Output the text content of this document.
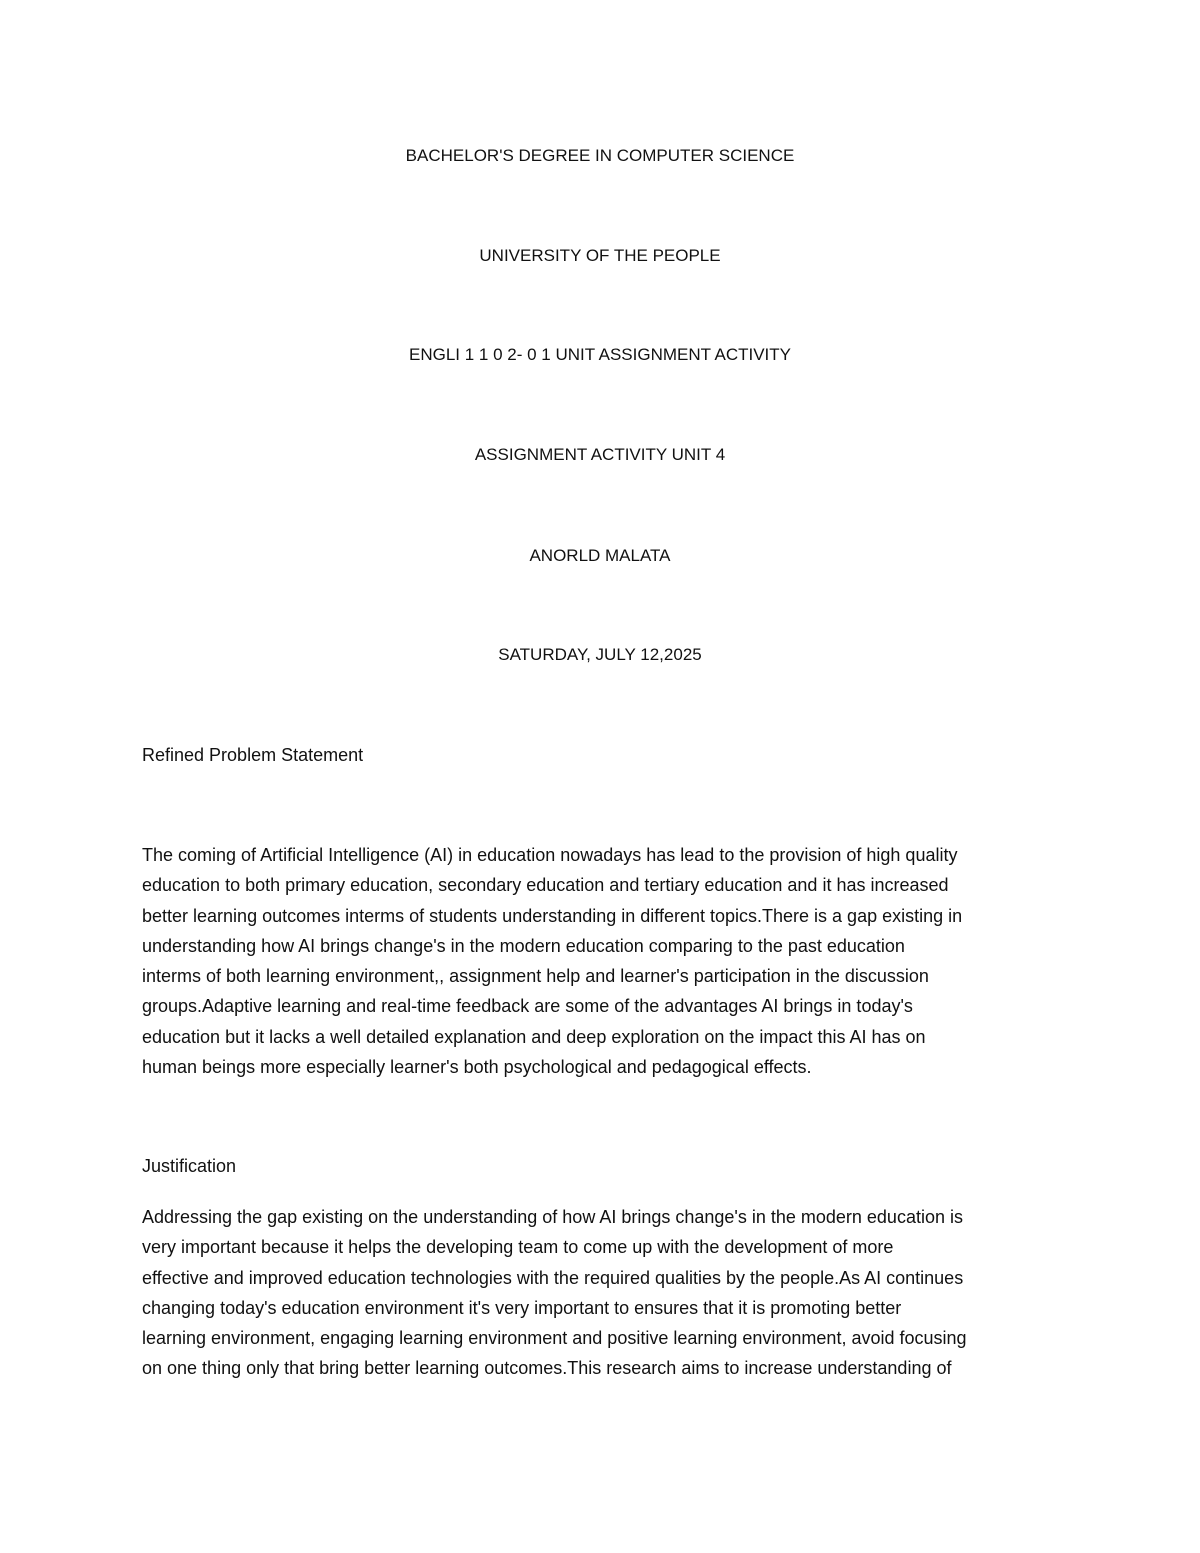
BACHELOR'S DEGREE IN COMPUTER SCIENCE
UNIVERSITY OF THE PEOPLE
ENGLI 1 1 0 2- 0 1 UNIT ASSIGNMENT ACTIVITY
ASSIGNMENT ACTIVITY UNIT 4
ANORLD MALATA
SATURDAY, JULY 12,2025
Refined Problem Statement

The coming of Artificial Intelligence (AI) in education nowadays has lead to the provision of high quality
education to both primary education, secondary education and tertiary education and it has increased
better learning outcomes interms of students understanding in different topics.There is a gap existing in
understanding how AI brings change's in the modern education comparing to the past education
interms of both learning environment,, assignment help and learner's participation in the discussion
groups.Adaptive learning and real-time feedback are some of the advantages AI brings in today's
education but it lacks a well detailed explanation and deep exploration on the impact this AI has on
human beings more especially learner's both psychological and pedagogical effects.

Justification

Addressing the gap existing on the understanding of how AI brings change's in the modern education is
very important because it helps the developing team to come up with the development of more
effective and improved education technologies with the required qualities by the people.As AI continues
changing today's education environment it's very important to ensures that it is promoting better
learning environment, engaging learning environment and positive learning environment, avoid focusing
on one thing only that bring better learning outcomes.This research aims to increase understanding of
